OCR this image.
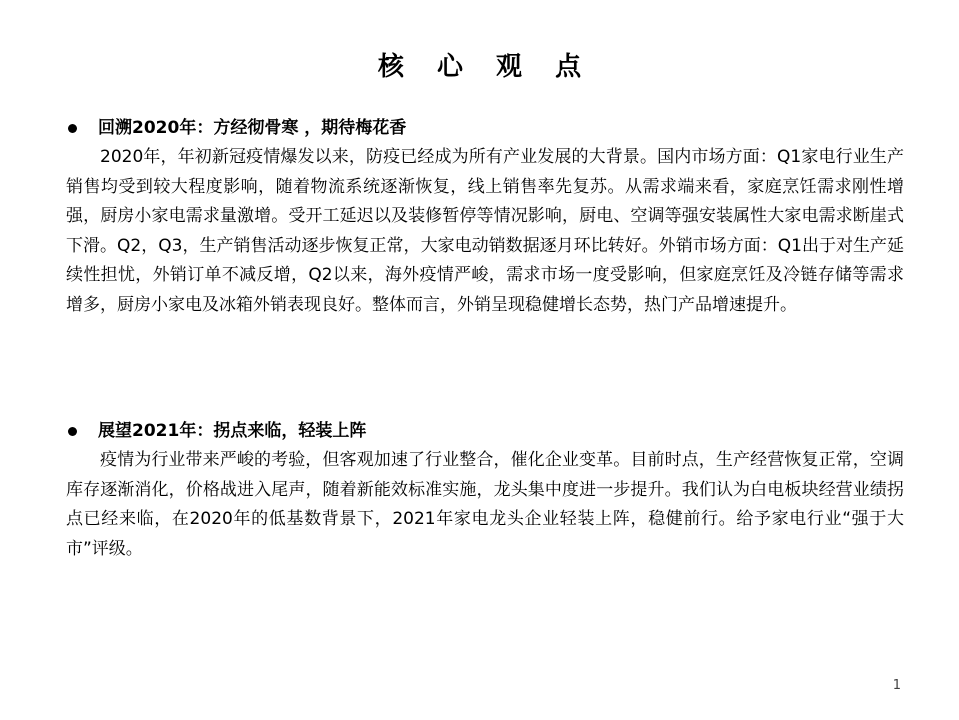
核 心 观 点
回溯2020年：方经彻骨寒 ，期待梅花香

2020年，年初新冠疫情爆发以来，防疫已经成为所有产业发展的大背景。国内市场方面：Q1家电行业生产销售均受到较大程度影响，随着物流系统逐渐恢复，线上销售率先复苏。从需求端来看，家庭烹饪需求刚性增强，厨房小家电需求量激增。受开工延迟以及装修暂停等情况影响，厨电、空调等强安装属性大家电需求断崖式下滑。Q2，Q3，生产销售活动逐步恢复正常，大家电动销数据逐月环比转好。外销市场方面：Q1出于对生产延续性担忧，外销订单不减反增，Q2以来，海外疫情严峻，需求市场一度受影响，但家庭烹饪及冷链存储等需求增多，厨房小家电及冰箱外销表现良好。整体而言，外销呈现稳健增长态势，热门产品增速提升。

展望2021年：拐点来临，轻装上阵

疫情为行业带来严峻的考验，但客观加速了行业整合，催化企业变革。目前时点，生产经营恢复正常，空调库存逐渐消化，价格战进入尾声，随着新能效标准实施，龙头集中度进一步提升。我们认为白电板块经营业绩拐点已经来临，在2020年的低基数背景下，2021年家电龙头企业轻装上阵，稳健前行。给予家电行业“强于大市”评级。

1
